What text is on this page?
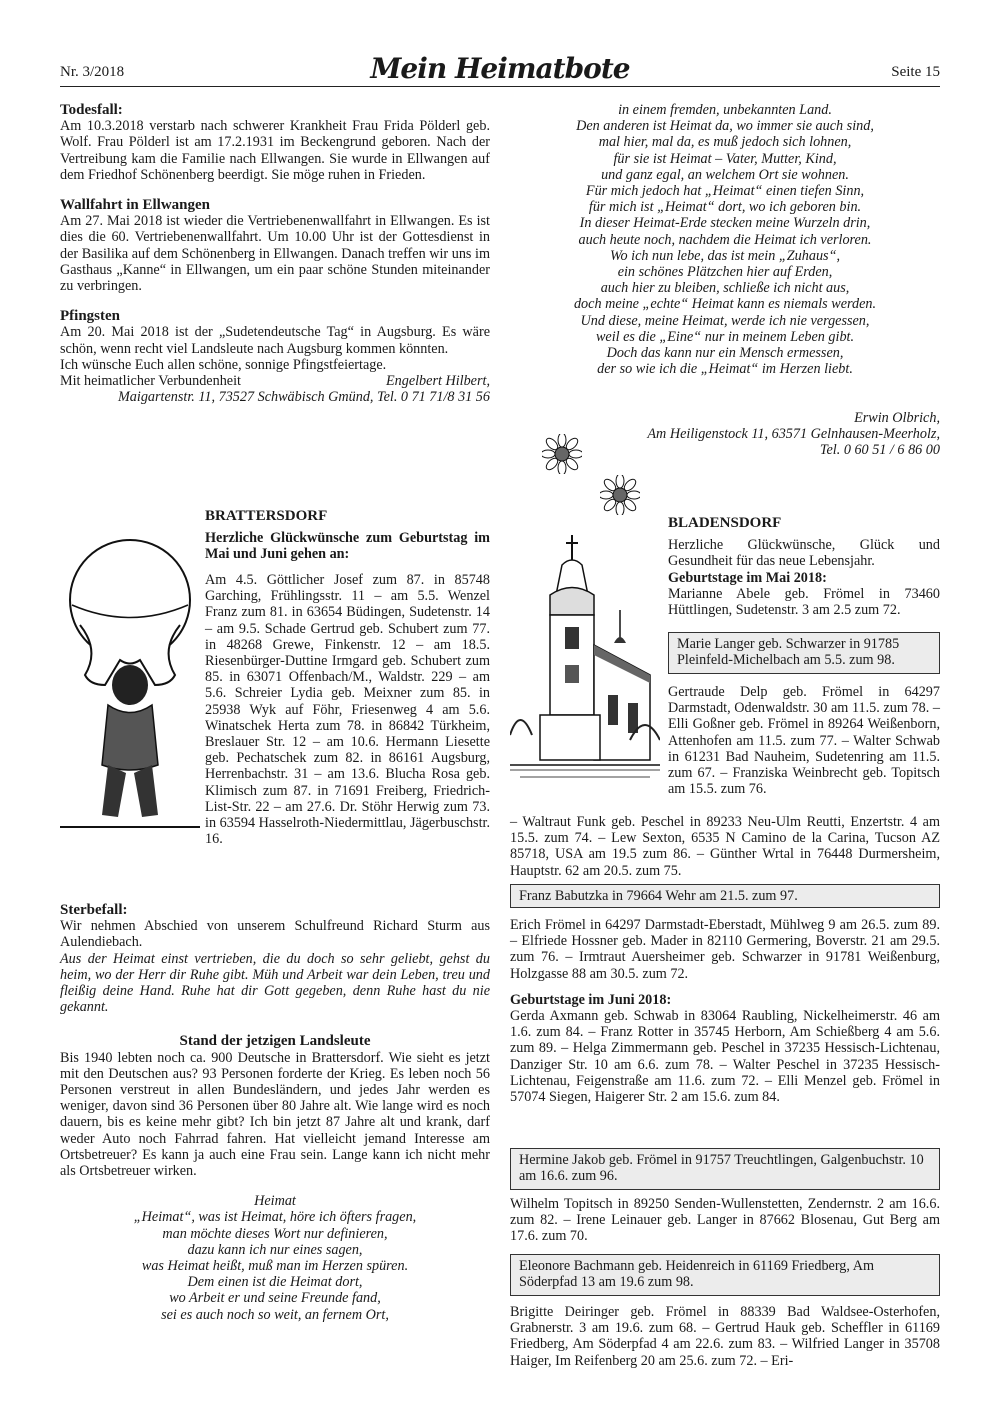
Nr. 3/2018	Mein Heimatbote	Seite 15

Todesfall:

Am 10.3.2018 verstarb nach schwerer Krankheit Frau Frida Pölderl geb. Wolf. Frau Pölderl ist am 17.2.1931 im Beckengrund geboren. Nach der Vertreibung kam die Familie nach Ellwangen. Sie wurde in Ellwangen auf dem Friedhof Schönenberg beerdigt. Sie möge ruhen in Frieden.

Wallfahrt in Ellwangen

Am 27. Mai 2018 ist wieder die Vertriebenenwallfahrt in Ellwangen. Es ist dies die 60. Vertriebenenwallfahrt. Um 10.00 Uhr ist der Gottesdienst in der Basilika auf dem Schönenberg in Ellwangen. Danach treffen wir uns im Gasthaus „Kanne“ in Ellwangen, um ein paar schöne Stunden miteinander zu verbringen.

Pfingsten

Am 20. Mai 2018 ist der „Sudetendeutsche Tag“ in Augsburg. Es wäre schön, wenn recht viel Landsleute nach Augsburg kommen könnten.

Ich wünsche Euch allen schöne, sonnige Pfingstfeiertage.

Mit heimatlicher Verbundenheit	Engelbert Hilbert,

Maigartenstr. 11, 73527 Schwäbisch Gmünd, Tel. 0 71 71/8 31 56

BRATTERSDORF

Herzliche Glückwünsche zum Geburtstag im Mai und Juni gehen an:

Am 4.5. Göttlicher Josef zum 87. in 85748 Garching, Frühlingsstr. 11 – am 5.5. Wenzel Franz zum 81. in 63654 Büdingen, Sudetenstr. 14 – am 9.5. Schade Gertrud geb. Schubert zum 77. in 48268 Grewe, Finkenstr. 12 – am 18.5. Riesenbürger-Duttine Irmgard geb. Schubert zum 85. in 63071 Offenbach/M., Waldstr. 229 – am 5.6. Schreier Lydia geb. Meixner zum 85. in 25938 Wyk auf Föhr, Friesenweg 4 am 5.6. Winatschek Herta zum 78. in 86842 Türkheim, Breslauer Str. 12 – am 10.6. Hermann Liesette geb. Pechatschek zum 82. in 86161 Augsburg, Herrenbachstr. 31 – am 13.6. Blucha Rosa geb. Klimisch zum 87. in 71691 Freiberg, Friedrich-List-Str. 22 – am 27.6. Dr. Stöhr Herwig zum 73. in 63594 Hasselroth-Niedermittlau, Jägerbuschstr. 16.

Sterbefall:

Wir nehmen Abschied von unserem Schulfreund Richard Sturm aus Aulendiebach.

Aus der Heimat einst vertrieben, die du doch so sehr geliebt, gehst du heim, wo der Herr dir Ruhe gibt. Müh und Arbeit war dein Leben, treu und fleißig deine Hand. Ruhe hat dir Gott gegeben, denn Ruhe hast du nie gekannt.

Stand der jetzigen Landsleute

Bis 1940 lebten noch ca. 900 Deutsche in Brattersdorf. Wie sieht es jetzt mit den Deutschen aus? 93 Personen forderte der Krieg. Es leben noch 56 Personen verstreut in allen Bundesländern, und jedes Jahr werden es weniger, davon sind 36 Personen über 80 Jahre alt. Wie lange wird es noch dauern, bis es keine mehr gibt? Ich bin jetzt 87 Jahre alt und krank, darf weder Auto noch Fahrrad fahren. Hat vielleicht jemand Interesse am Ortsbetreuer? Es kann ja auch eine Frau sein. Lange kann ich nicht mehr als Ortsbetreuer wirken.

Heimat

„Heimat“, was ist Heimat, höre ich öfters fragen,

man möchte dieses Wort nur definieren,

dazu kann ich nur eines sagen,

was Heimat heißt, muß man im Herzen spüren.

Dem einen ist die Heimat dort,

wo Arbeit er und seine Freunde fand,

sei es auch noch so weit, an fernem Ort,

in einem fremden, unbekannten Land.

Den anderen ist Heimat da, wo immer sie auch sind,

mal hier, mal da, es muß jedoch sich lohnen,

für sie ist Heimat – Vater, Mutter, Kind,

und ganz egal, an welchem Ort sie wohnen.

Für mich jedoch hat „Heimat“ einen tiefen Sinn,

für mich ist „Heimat“ dort, wo ich geboren bin.

In dieser Heimat-Erde stecken meine Wurzeln drin,

auch heute noch, nachdem die Heimat ich verloren.

Wo ich nun lebe, das ist mein „Zuhaus“,

ein schönes Plätzchen hier auf Erden,

auch hier zu bleiben, schließe ich nicht aus,

doch meine „echte“ Heimat kann es niemals werden.

Und diese, meine Heimat, werde ich nie vergessen,

weil es die „Eine“ nur in meinem Leben gibt.

Doch das kann nur ein Mensch ermessen,

der so wie ich die „Heimat“ im Herzen liebt.

Erwin Olbrich,

Am Heiligenstock 11, 63571 Gelnhausen-Meerholz,

Tel. 0 60 51 / 6 86 00

BLADENSDORF

Herzliche Glückwünsche, Glück und Gesundheit für das neue Lebensjahr.

Geburtstage im Mai 2018:

Marianne Abele geb. Frömel in 73460 Hüttlingen, Sudetenstr. 3 am 2.5 zum 72.

Marie Langer geb. Schwarzer in 91785 Pleinfeld-Michelbach am 5.5. zum 98.

Gertraude Delp geb. Frömel in 64297 Darmstadt, Odenwaldstr. 30 am 11.5. zum 78. – Elli Goßner geb. Frömel in 89264 Weißenborn, Attenhofen am 11.5. zum 77. – Walter Schwab in 61231 Bad Nauheim, Sudetenring am 11.5. zum 67. – Franziska Weinbrecht geb. Topitsch am 15.5. zum 76.
– Waltraut Funk geb. Peschel in 89233 Neu-Ulm Reutti, Enzertstr. 4 am 15.5. zum 74. – Lew Sexton, 6535 N Camino de la Carina, Tucson AZ 85718, USA am 19.5 zum 86. – Günther Wrtal in 76448 Durmersheim, Hauptstr. 62 am 20.5. zum 75.

Franz Babutzka in 79664 Wehr am 21.5. zum 97.

Erich Frömel in 64297 Darmstadt-Eberstadt, Mühlweg 9 am 26.5. zum 89. – Elfriede Hossner geb. Mader in 82110 Germering, Boverstr. 21 am 29.5. zum 76. – Irmtraut Auersheimer geb. Schwarzer in 91781 Weißenburg, Holzgasse 88 am 30.5. zum 72.

Geburtstage im Juni 2018:

Gerda Axmann geb. Schwab in 83064 Raubling, Nickelheimerstr. 46 am 1.6. zum 84. – Franz Rotter in 35745 Herborn, Am Schießberg 4 am 5.6. zum 89. – Helga Zimmermann geb. Peschel in 37235 Hessisch-Lichtenau, Danziger Str. 10 am 6.6. zum 78. – Walter Peschel in 37235 Hessisch-Lichtenau, Feigenstraße am 11.6. zum 72. – Elli Menzel geb. Frömel in 57074 Siegen, Haigerer Str. 2 am 15.6. zum 84.

Hermine Jakob geb. Frömel in 91757 Treuchtlingen, Galgenbuchstr. 10 am 16.6. zum 96.

Wilhelm Topitsch in 89250 Senden-Wullenstetten, Zendernstr. 2 am 16.6. zum 82. – Irene Leinauer geb. Langer in 87662 Blosenau, Gut Berg am 17.6. zum 70.

Eleonore Bachmann geb. Heidenreich in 61169 Friedberg, Am Söderpfad 13 am 19.6 zum 98.

Brigitte Deiringer geb. Frömel in 88339 Bad Waldsee-Osterhofen, Grabnerstr. 3 am 19.6. zum 68. – Gertrud Hauk geb. Scheffler in 61169 Friedberg, Am Söderpfad 4 am 22.6. zum 83. – Wilfried Langer in 35708 Haiger, Im Reifenberg 20 am 25.6. zum 72. – Eri-
